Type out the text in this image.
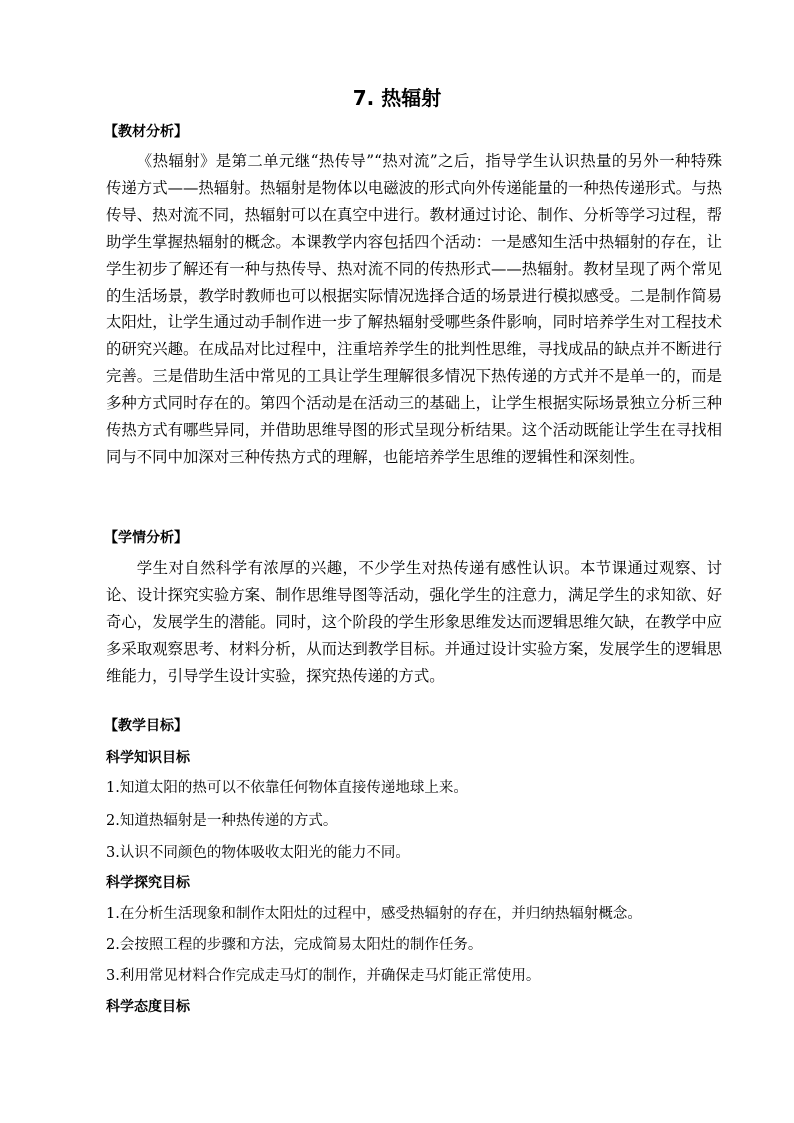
7. 热辐射
【教材分析】

《热辐射》是第二单元继“热传导”“热对流”之后，指导学生认识热量的另外一种特殊传递方式——热辐射。热辐射是物体以电磁波的形式向外传递能量的一种热传递形式。与热传导、热对流不同，热辐射可以在真空中进行。教材通过讨论、制作、分析等学习过程，帮助学生掌握热辐射的概念。本课教学内容包括四个活动：一是感知生活中热辐射的存在，让学生初步了解还有一种与热传导、热对流不同的传热形式——热辐射。教材呈现了两个常见的生活场景，教学时教师也可以根据实际情况选择合适的场景进行模拟感受。二是制作简易太阳灶，让学生通过动手制作进一步了解热辐射受哪些条件影响，同时培养学生对工程技术的研究兴趣。在成品对比过程中，注重培养学生的批判性思维，寻找成品的缺点并不断进行完善。三是借助生活中常见的工具让学生理解很多情况下热传递的方式并不是单一的，而是多种方式同时存在的。第四个活动是在活动三的基础上，让学生根据实际场景独立分析三种传热方式有哪些异同，并借助思维导图的形式呈现分析结果。这个活动既能让学生在寻找相同与不同中加深对三种传热方式的理解，也能培养学生思维的逻辑性和深刻性。

【学情分析】

学生对自然科学有浓厚的兴趣，不少学生对热传递有感性认识。本节课通过观察、讨论、设计探究实验方案、制作思维导图等活动，强化学生的注意力，满足学生的求知欲、好奇心，发展学生的潜能。同时，这个阶段的学生形象思维发达而逻辑思维欠缺，在教学中应多采取观察思考、材料分析，从而达到教学目标。并通过设计实验方案，发展学生的逻辑思维能力，引导学生设计实验，探究热传递的方式。

【教学目标】
科学知识目标
1.知道太阳的热可以不依靠任何物体直接传递地球上来。
2.知道热辐射是一种热传递的方式。
3.认识不同颜色的物体吸收太阳光的能力不同。
科学探究目标
1.在分析生活现象和制作太阳灶的过程中，感受热辐射的存在，并归纳热辐射概念。
2.会按照工程的步骤和方法，完成简易太阳灶的制作任务。
3.利用常见材料合作完成走马灯的制作，并确保走马灯能正常使用。
科学态度目标
